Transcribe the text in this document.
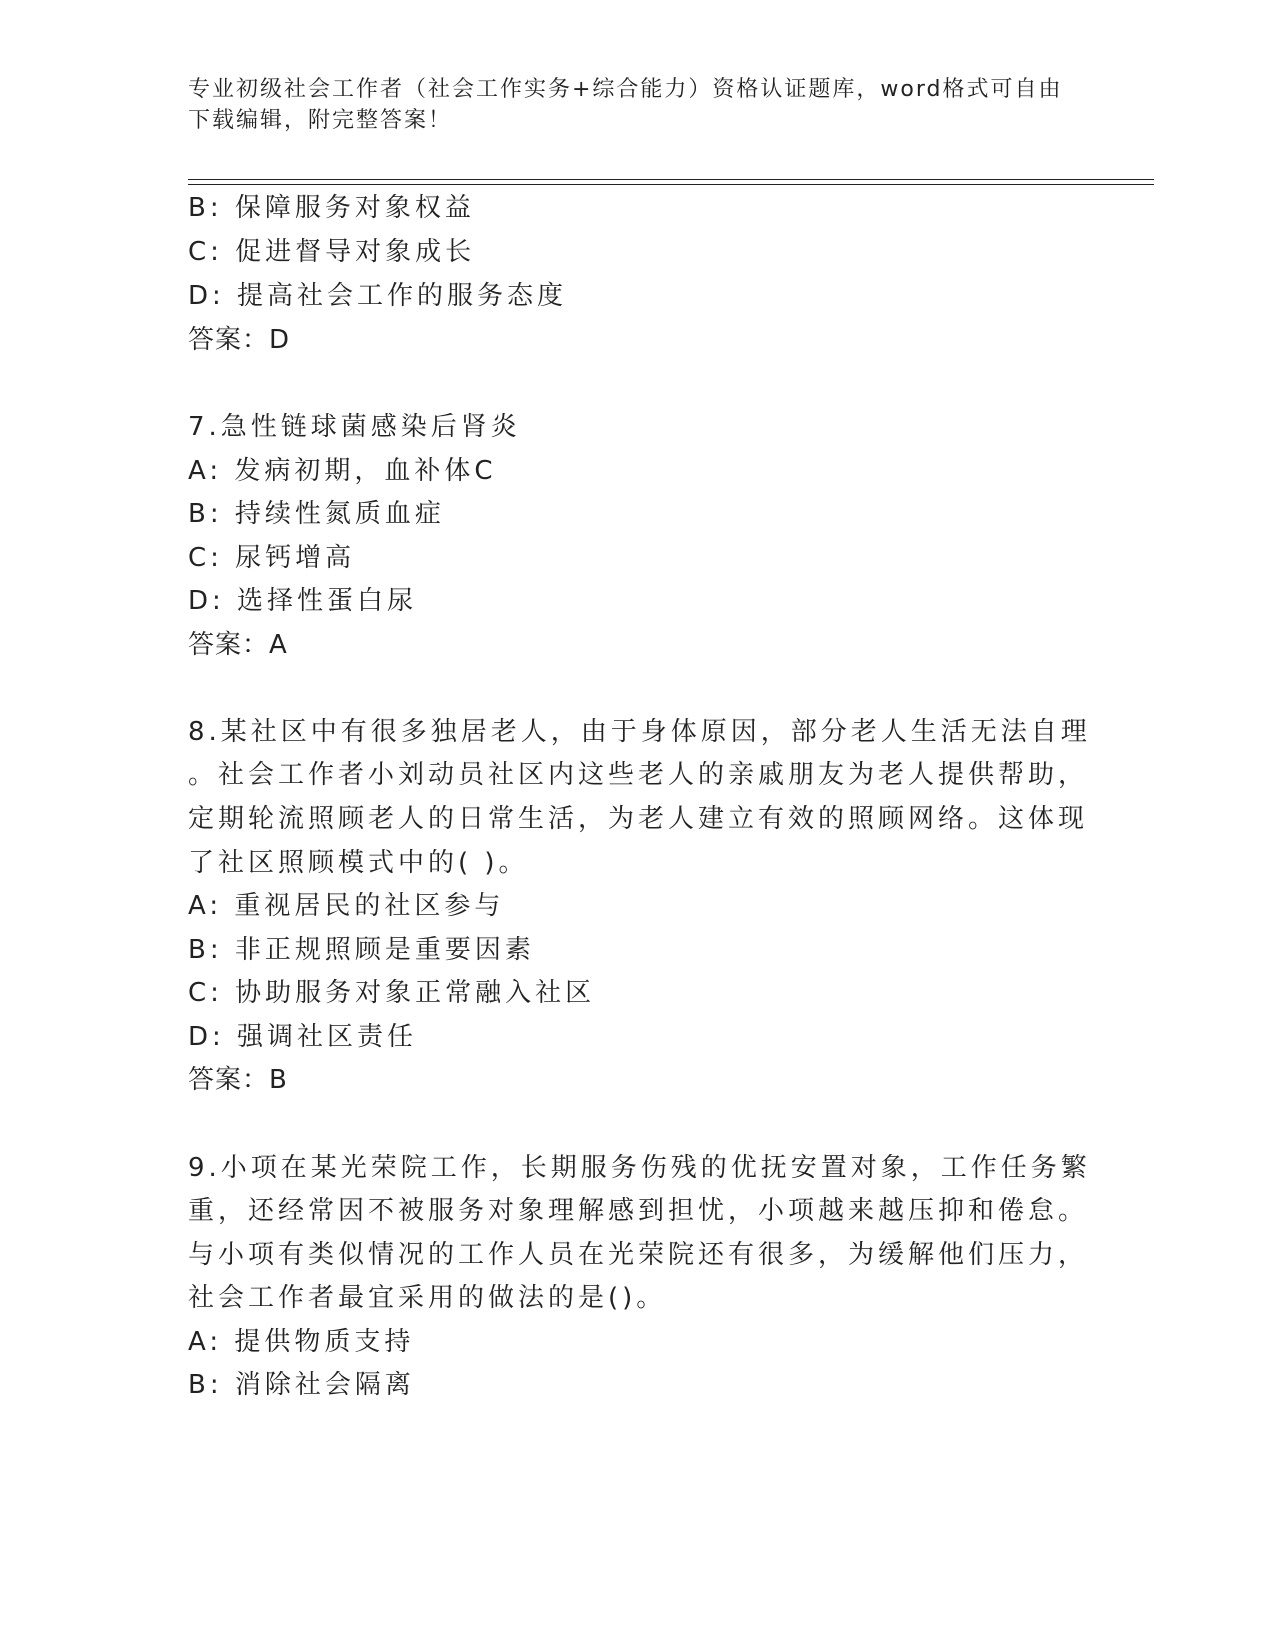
专业初级社会工作者（社会工作实务+综合能力）资格认证题库，word格式可自由
下载编辑，附完整答案！
B: 保障服务对象权益
C: 促进督导对象成长
D: 提高社会工作的服务态度
答案：D
7.急性链球菌感染后肾炎
A: 发病初期，血补体C
B: 持续性氮质血症
C: 尿钙增高
D: 选择性蛋白尿
答案：A
8.某社区中有很多独居老人，由于身体原因，部分老人生活无法自理
。社会工作者小刘动员社区内这些老人的亲戚朋友为老人提供帮助，
定期轮流照顾老人的日常生活，为老人建立有效的照顾网络。这体现
了社区照顾模式中的( )。
A: 重视居民的社区参与
B: 非正规照顾是重要因素
C: 协助服务对象正常融入社区
D: 强调社区责任
答案：B
9.小项在某光荣院工作，长期服务伤残的优抚安置对象，工作任务繁
重，还经常因不被服务对象理解感到担忧，小项越来越压抑和倦怠。
与小项有类似情况的工作人员在光荣院还有很多，为缓解他们压力，
社会工作者最宜采用的做法的是()。
A: 提供物质支持
B: 消除社会隔离
